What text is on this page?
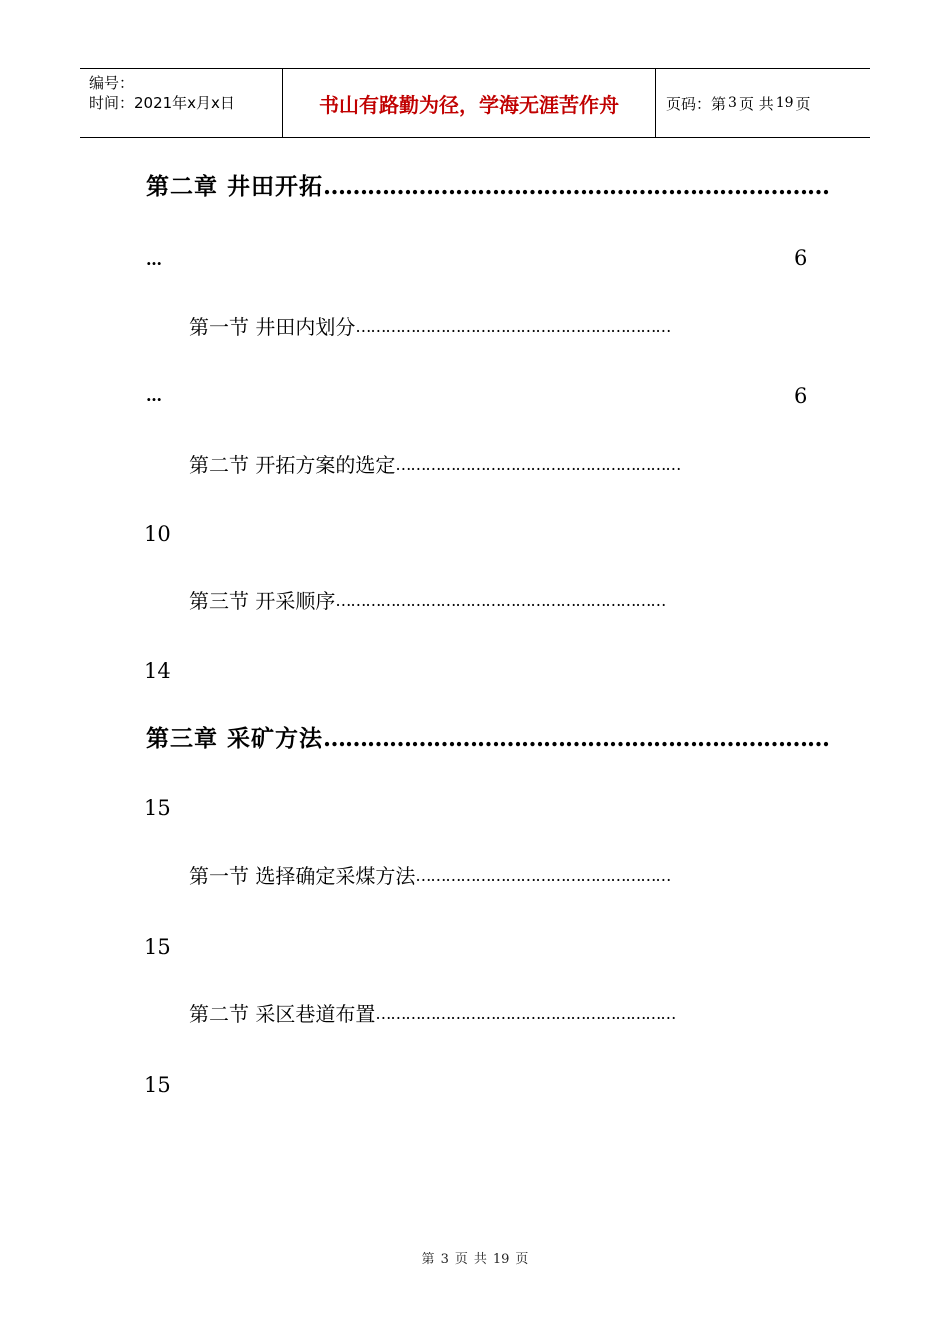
编号：
时间：2021年x月x日	书山有路勤为径，学海无涯苦作舟	页码：第 3 页 共 19 页
第二章 井田开拓……………………………………………………………
…	6
第一节 井田内划分………………………………………………………
…	6
第二节 开拓方案的选定…………………………………………………
10
第三节 开采顺序…………………………………………………………
14
第三章 采矿方法……………………………………………………………
15
第一节 选择确定采煤方法……………………………………………
15
第二节 采区巷道布置……………………………………………………
15
第 3 页 共 19 页
